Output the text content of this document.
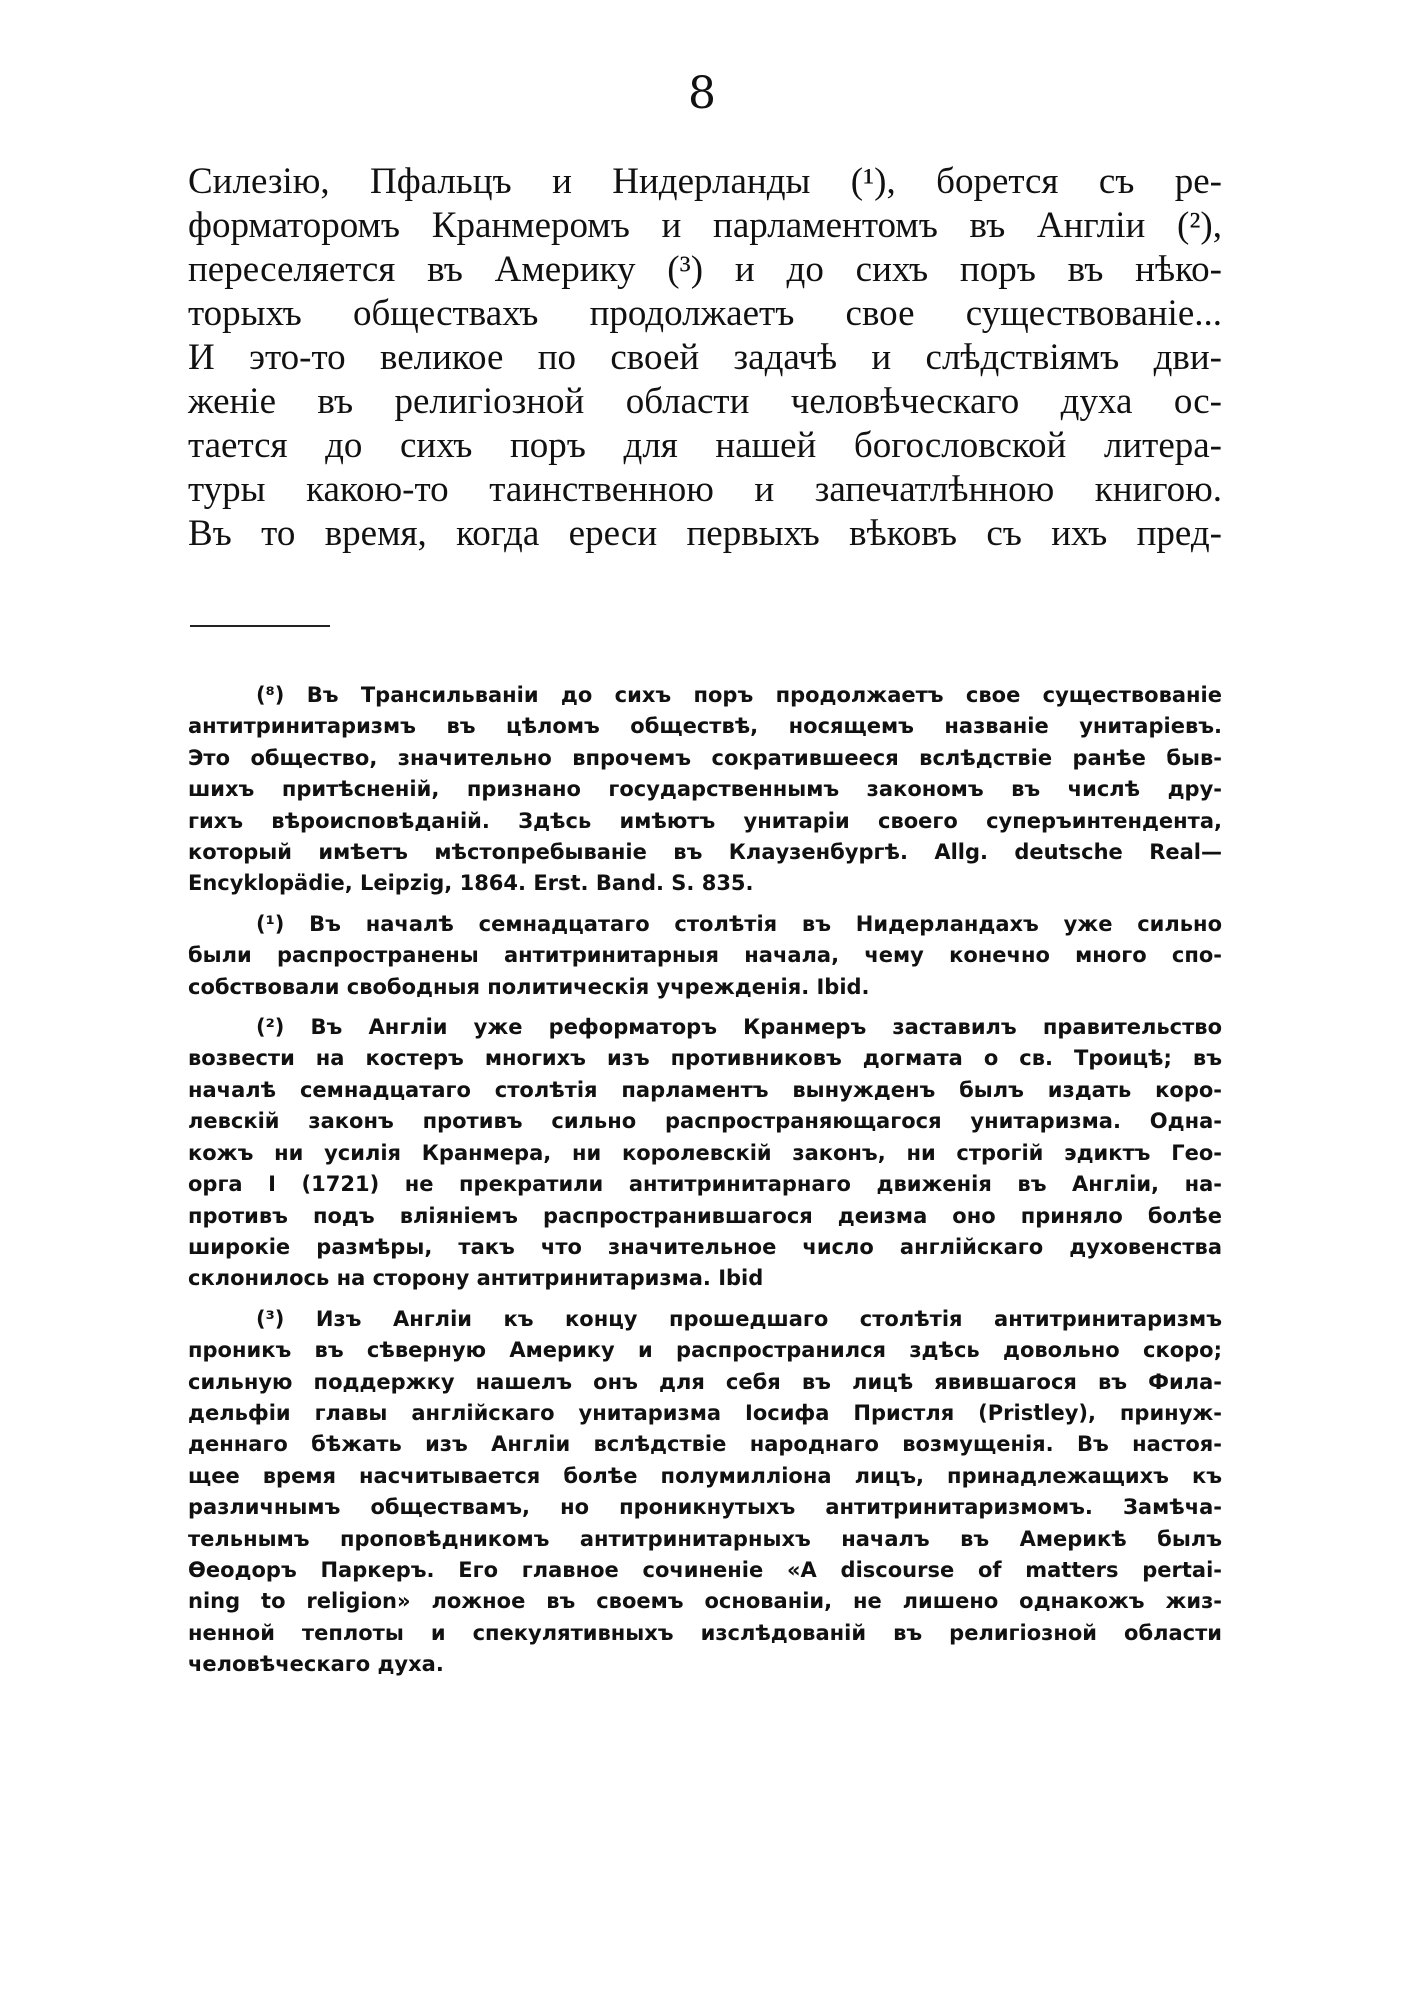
8
Силезію, Пфальцъ и Нидерланды (¹), борется съ ре-
форматоромъ Кранмеромъ и парламентомъ въ Англіи (²),
переселяется въ Америку (³) и до сихъ поръ въ нѣко-
торыхъ обществахъ продолжаетъ свое существованіе...
И это-то великое по своей задачѣ и слѣдствіямъ дви-
женіе въ религіозной области человѣческаго духа ос-
тается до сихъ поръ для нашей богословской литера-
туры какою-то таинственною и запечатлѣнною книгою.
Въ то время, когда ереси первыхъ вѣковъ съ ихъ пред-
(⁸) Въ Трансильваніи до сихъ поръ продолжаетъ свое существованіе
антитринитаризмъ въ цѣломъ обществѣ, носящемъ названіе унитаріевъ.
Это общество, значительно впрочемъ сократившееся вслѣдствіе ранѣе быв-
шихъ притѣсненій, признано государственнымъ закономъ въ числѣ дру-
гихъ вѣроисповѣданій. Здѣсь имѣютъ унитаріи своего суперъинтендента,
который имѣетъ мѣстопребываніе въ Клаузенбургѣ. Allg. deutsche Real—
Encyklopädie, Leipzig, 1864. Erst. Band. S. 835.
(¹) Въ началѣ семнадцатаго столѣтія въ Нидерландахъ уже сильно
были распространены антитринитарныя начала, чему конечно много спо-
собствовали свободныя политическія учрежденія. Ibid.
(²) Въ Англіи уже реформаторъ Кранмеръ заставилъ правительство
возвести на костеръ многихъ изъ противниковъ догмата о св. Троицѣ; въ
началѣ семнадцатаго столѣтія парламентъ вынужденъ былъ издать коро-
левскій законъ противъ сильно распространяющагося унитаризма. Одна-
кожъ ни усилія Кранмера, ни королевскій законъ, ни строгій эдиктъ Гео-
орга I (1721) не прекратили антитринитарнаго движенія въ Англіи, на-
противъ подъ вліяніемъ распространившагося деизма оно приняло болѣе
широкіе размѣры, такъ что значительное число англійскаго духовенства
склонилось на сторону антитринитаризма. Ibid
(³) Изъ Англіи къ концу прошедшаго столѣтія антитринитаризмъ
проникъ въ сѣверную Америку и распространился здѣсь довольно скоро;
сильную поддержку нашелъ онъ для себя въ лицѣ явившагося въ Фила-
дельфіи главы англійскаго унитаризма Іосифа Пристля (Pristley), принуж-
деннаго бѣжать изъ Англіи вслѣдствіе народнаго возмущенія. Въ настоя-
щее время насчитывается болѣе полумилліона лицъ, принадлежащихъ къ
различнымъ обществамъ, но проникнутыхъ антитринитаризмомъ. Замѣча-
тельнымъ проповѣдникомъ антитринитарныхъ началъ въ Америкѣ былъ
Ѳеодоръ Паркеръ. Его главное сочиненіе «A discourse of matters pertai-
ning to religion» ложное въ своемъ основаніи, не лишено однакожъ жиз-
ненной теплоты и спекулятивныхъ изслѣдованій въ религіозной области
человѣческаго духа.
